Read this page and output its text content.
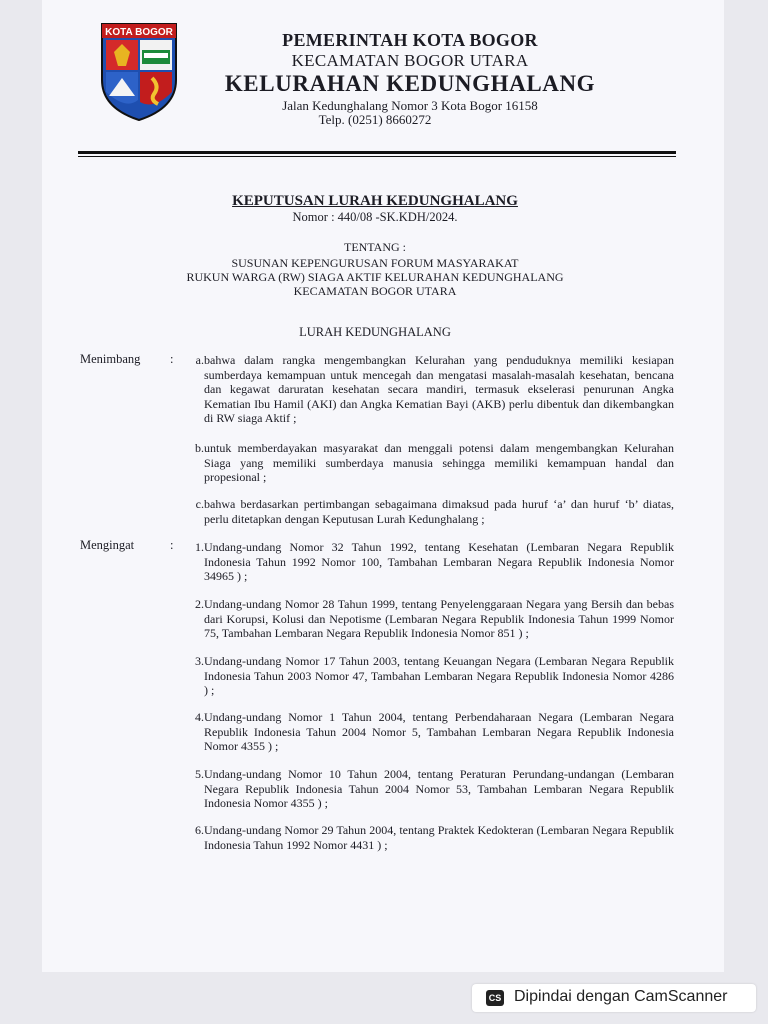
KOTA BOGOR	PEMERINTAH KOTA BOGOR
KECAMATAN BOGOR UTARA
KELURAHAN KEDUNGHALANG
Jalan Kedunghalang Nomor 3 Kota Bogor 16158
Telp. (0251) 8660272
KEPUTUSAN LURAH KEDUNGHALANG
Nomor : 440/08 -SK.KDH/2024.
TENTANG :
SUSUNAN KEPENGURUSAN FORUM MASYARAKAT
RUKUN WARGA (RW) SIAGA AKTIF KELURAHAN KEDUNGHALANG
KECAMATAN BOGOR UTARA
LURAH KEDUNGHALANG
Menimbang :	a.bahwa dalam rangka mengembangkan Kelurahan yang penduduknya memiliki kesiapan sumberdaya kemampuan untuk mencegah dan mengatasi masalah-masalah kesehatan, bencana dan kegawat daruratan kesehatan secara mandiri, termasuk ekselerasi penurunan Angka Kematian Ibu Hamil (AKI) dan Angka Kematian Bayi (AKB) perlu dibentuk dan dikembangkan di RW siaga Aktif ;
b.untuk memberdayakan masyarakat dan menggali potensi dalam mengembangkan Kelurahan Siaga yang memiliki sumberdaya manusia sehingga memiliki kemampuan handal dan propesional ;
c.bahwa berdasarkan pertimbangan sebagaimana dimaksud pada huruf ‘a’ dan huruf ‘b’ diatas, perlu ditetapkan dengan Keputusan Lurah Kedunghalang ;
Mengingat	:	1.Undang-undang Nomor 32 Tahun 1992, tentang Kesehatan (Lembaran Negara Republik Indonesia Tahun 1992 Nomor 100, Tambahan Lembaran Negara Republik Indonesia Nomor 34965 ) ;
2.Undang-undang Nomor 28 Tahun 1999, tentang Penyelenggaraan Negara yang Bersih dan bebas dari Korupsi, Kolusi dan Nepotisme (Lembaran Negara Republik Indonesia Tahun 1999 Nomor 75, Tambahan Lembaran Negara Republik Indonesia Nomor 851 ) ;
3.Undang-undang Nomor 17 Tahun 2003, tentang Keuangan Negara (Lembaran Negara Republik Indonesia Tahun 2003 Nomor 47, Tambahan Lembaran Negara Republik Indonesia Nomor 4286 ) ;
4.Undang-undang Nomor 1 Tahun 2004, tentang Perbendaharaan Negara (Lembaran Negara Republik Indonesia Tahun 2004 Nomor 5, Tambahan Lembaran Negara Republik Indonesia Nomor 4355 ) ;
5.Undang-undang Nomor 10 Tahun 2004, tentang Peraturan Perundang-undangan (Lembaran Negara Republik Indonesia Tahun 2004 Nomor 53, Tambahan Lembaran Negara Republik Indonesia Nomor 4355 ) ;
6.Undang-undang Nomor 29 Tahun 2004, tentang Praktek Kedokteran (Lembaran Negara Republik Indonesia Tahun 1992 Nomor 4431 ) ;
CS Dipindai dengan CamScanner
